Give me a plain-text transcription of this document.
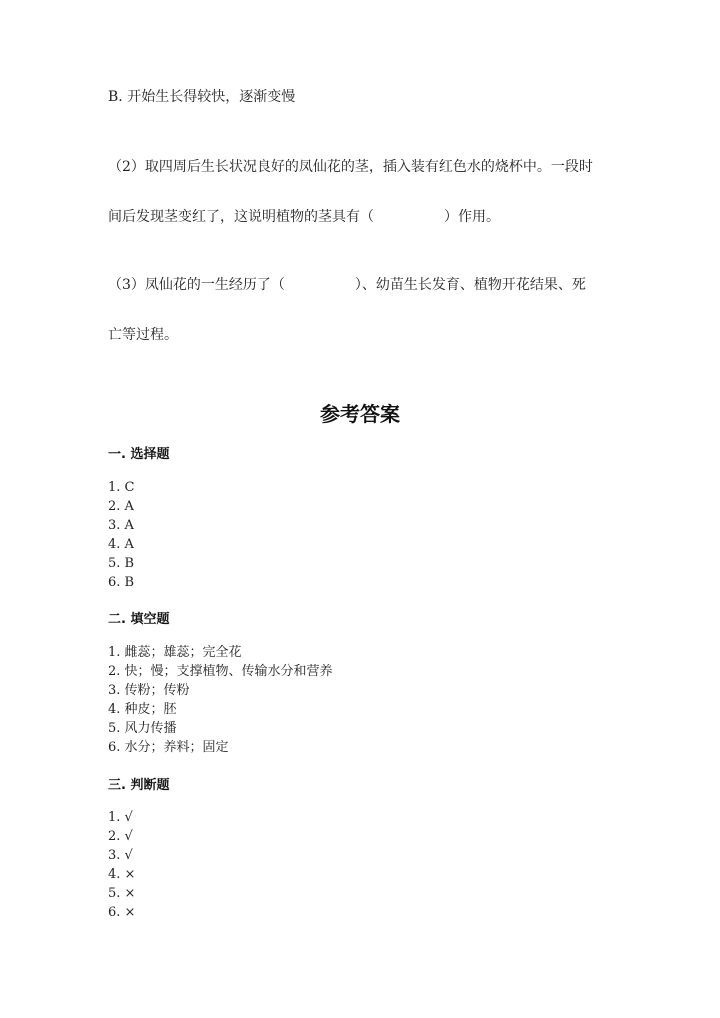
B. 开始生长得较快，逐渐变慢
（2）取四周后生长状况良好的凤仙花的茎，插入装有红色水的烧杯中。一段时
间后发现茎变红了，这说明植物的茎具有（　　　　　）作用。
（3）凤仙花的一生经历了（　　　　　）、幼苗生长发育、植物开花结果、死
亡等过程。
参考答案
一. 选择题
1. C
2. A
3. A
4. A
5. B
6. B
二. 填空题
1. 雌蕊；雄蕊；完全花
2. 快；慢；支撑植物、传输水分和营养
3. 传粉；传粉
4. 种皮；胚
5. 风力传播
6. 水分；养料；固定
三. 判断题
1. √
2. √
3. √
4. ×
5. ×
6. ×
